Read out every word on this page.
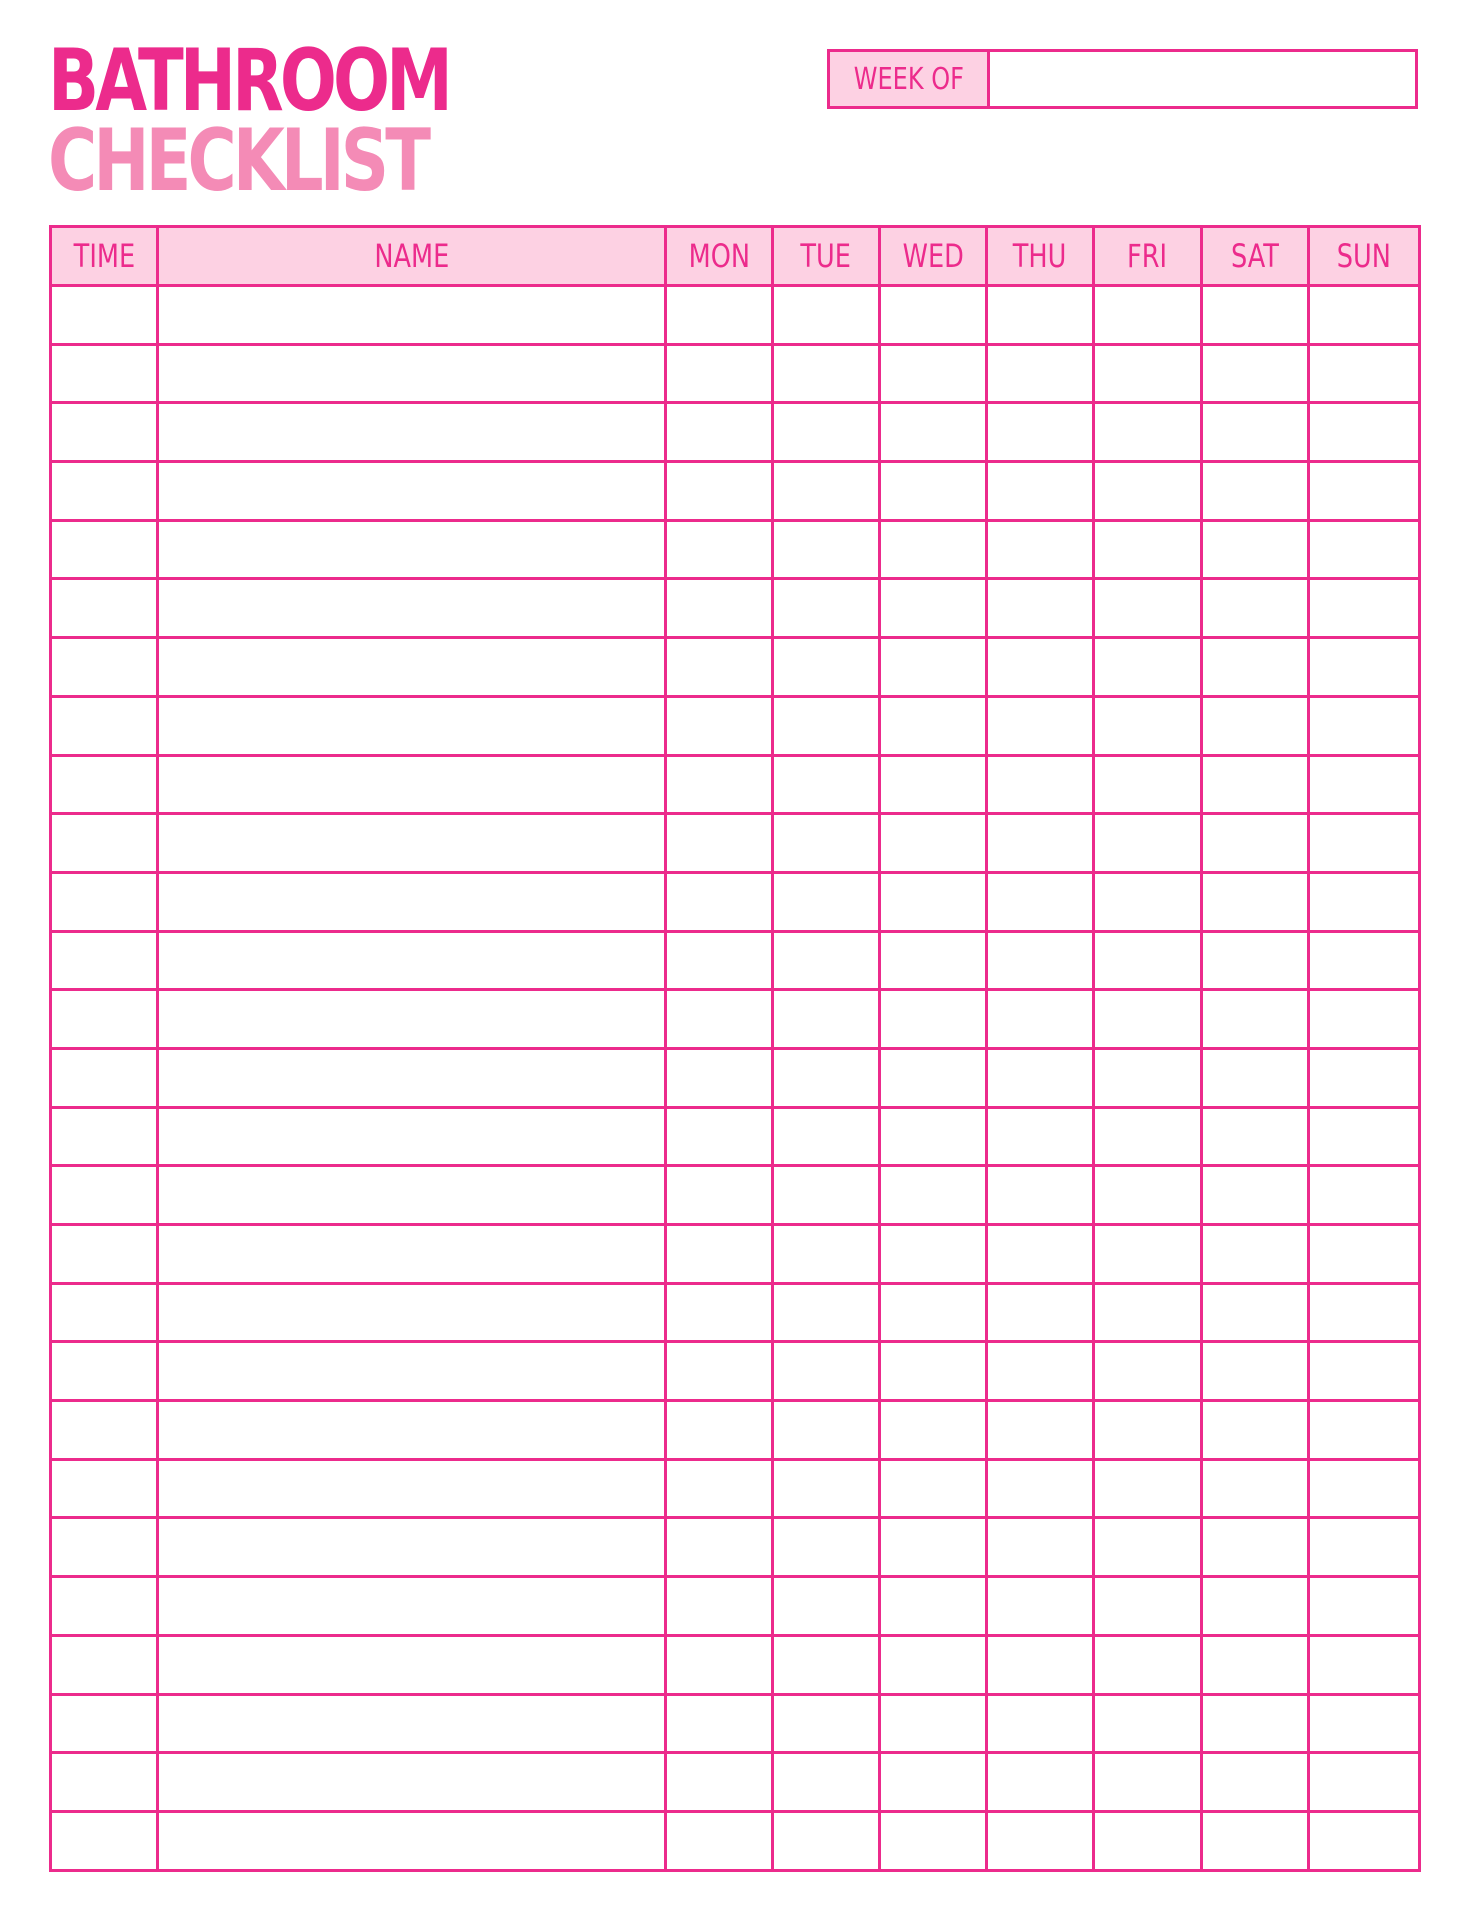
BATHROOM
CHECKLIST
WEEK OF
TIME	NAME	MON	TUE	WED	THU	FRI	SAT	SUN
